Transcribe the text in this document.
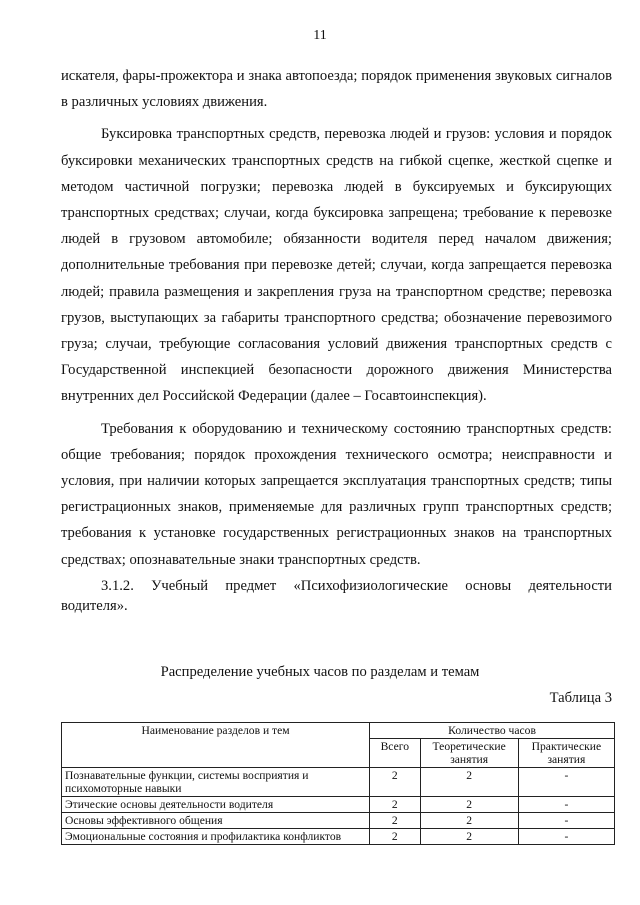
11

искателя, фары-прожектора и знака автопоезда; порядок применения звуковых сигналов в различных условиях движения.

Буксировка транспортных средств, перевозка людей и грузов: условия и порядок буксировки механических транспортных средств на гибкой сцепке, жесткой сцепке и методом частичной погрузки; перевозка людей в буксируемых и буксирующих транспортных средствах; случаи, когда буксировка запрещена; требование к перевозке людей в грузовом автомобиле; обязанности водителя перед началом движения; дополнительные требования при перевозке детей; случаи, когда запрещается перевозка людей; правила размещения и закрепления груза на транспортном средстве; перевозка грузов, выступающих за габариты транспортного средства; обозначение перевозимого груза; случаи, требующие согласования условий движения транспортных средств с Государственной инспекцией безопасности дорожного движения Министерства внутренних дел Российской Федерации (далее – Госавтоинспекция).

Требования к оборудованию и техническому состоянию транспортных средств: общие требования; порядок прохождения технического осмотра; неисправности и условия, при наличии которых запрещается эксплуатация транспортных средств; типы регистрационных знаков, применяемые для различных групп транспортных средств; требования к установке государственных регистрационных знаков на транспортных средствах; опознавательные знаки транспортных средств.

3.1.2. Учебный предмет «Психофизиологические основы деятельности водителя».

Распределение учебных часов по разделам и темам
Таблица 3
Наименование разделов и тем	Количество часов		
	Всего	Теоретические занятия	Практические занятия
Познавательные функции, системы восприятия и психомоторные навыки	2	2	-
Этические основы деятельности водителя	2	2	-
Основы эффективного общения	2	2	-
Эмоциональные состояния и профилактика конфликтов	2	2	-
